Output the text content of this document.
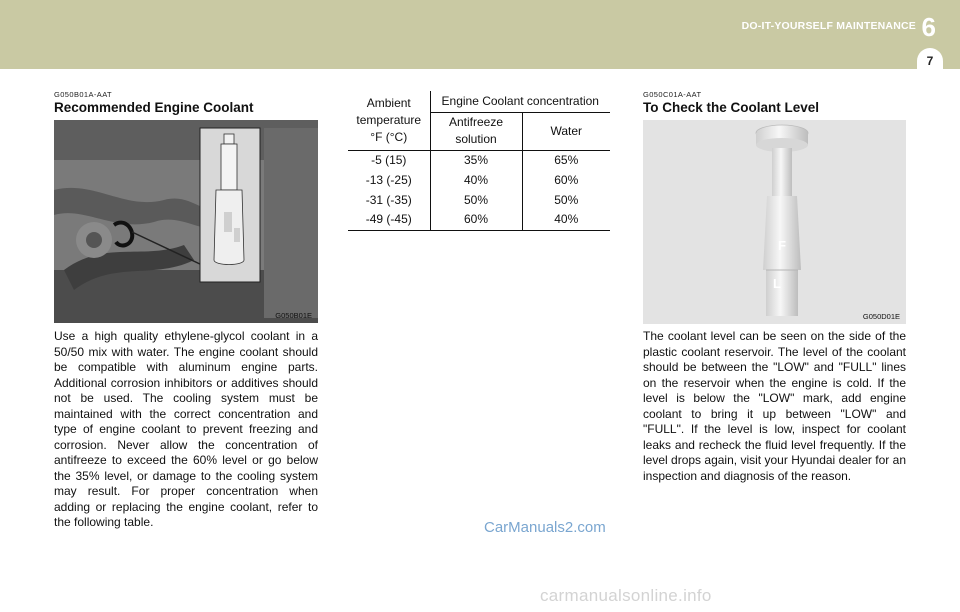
DO-IT-YOURSELF MAINTENANCE 6
7
G050B01A-AAT
Recommended Engine Coolant
G050B01E

Use a high quality ethylene-glycol coolant in a 50/50 mix with water. The engine coolant should be compatible with aluminum engine parts. Additional corrosion inhibitors or additives should not be used. The cooling system must be maintained with the correct concentration and type of engine coolant to prevent freezing and corrosion. Never allow the concentration of antifreeze to exceed the 60% level or go below the 35% level, or damage to the cooling system may result. For proper concentration when adding or replacing the engine coolant, refer to the following table.

Ambient
temperature
°F (°C)	Engine Coolant concentration	

	Antifreeze
solution	Water
-5 (15)	35%	65%
-13 (-25)	40%	60%
-31 (-35)	50%	50%
-49 (-45)	60%	40%
G050C01A-AAT
To Check the Coolant Level
F
L
G050D01E

The coolant level can be seen on the side of the plastic coolant reservoir. The level of the coolant should be between the "LOW" and "FULL" lines on the reservoir when the engine is cold. If the level is below the "LOW" mark, add engine coolant to bring it up between "LOW" and "FULL". If the level is low, inspect for coolant leaks and recheck the fluid level frequently. If the level drops again, visit your Hyundai dealer for an inspection and diagnosis of the reason.

CarManuals2.com
carmanualsonline.info
